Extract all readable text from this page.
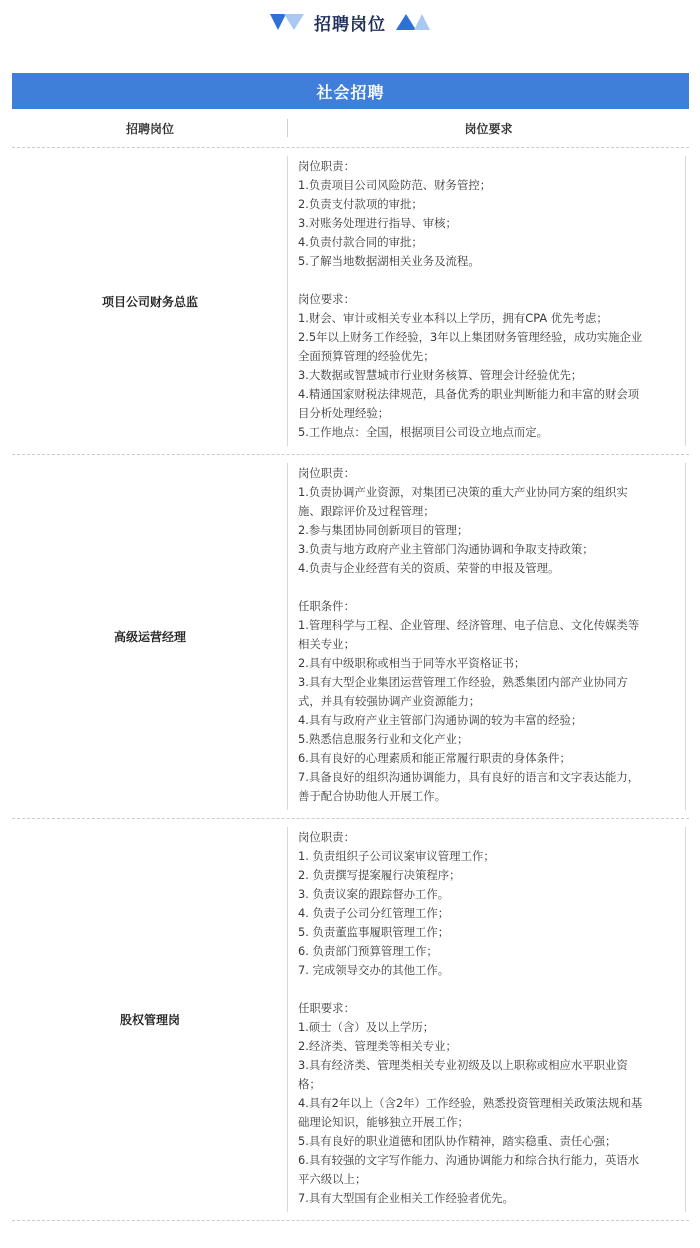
招聘岗位
社会招聘
招聘岗位	岗位要求
项目公司财务总监
岗位职责：
1.负责项目公司风险防范、财务管控；
2.负责支付款项的审批；
3.对账务处理进行指导、审核；
4.负责付款合同的审批；
5.了解当地数据湖相关业务及流程。
岗位要求：
1.财会、审计或相关专业本科以上学历，拥有CPA 优先考虑；
2.5年以上财务工作经验，3年以上集团财务管理经验，成功实施企业
全面预算管理的经验优先；
3.大数据或智慧城市行业财务核算、管理会计经验优先；
4.精通国家财税法律规范，具备优秀的职业判断能力和丰富的财会项
目分析处理经验；
5.工作地点：全国，根据项目公司设立地点而定。
高级运营经理
岗位职责：
1.负责协调产业资源，对集团已决策的重大产业协同方案的组织实
施、跟踪评价及过程管理；
2.参与集团协同创新项目的管理；
3.负责与地方政府产业主管部门沟通协调和争取支持政策；
4.负责与企业经营有关的资质、荣誉的申报及管理。
任职条件：
1.管理科学与工程、企业管理、经济管理、电子信息、文化传媒类等
相关专业；
2.具有中级职称或相当于同等水平资格证书；
3.具有大型企业集团运营管理工作经验，熟悉集团内部产业协同方
式，并具有较强协调产业资源能力；
4.具有与政府产业主管部门沟通协调的较为丰富的经验；
5.熟悉信息服务行业和文化产业；
6.具有良好的心理素质和能正常履行职责的身体条件；
7.具备良好的组织沟通协调能力，具有良好的语言和文字表达能力，
善于配合协助他人开展工作。
股权管理岗
岗位职责：
1. 负责组织子公司议案审议管理工作；
2. 负责撰写提案履行决策程序；
3. 负责议案的跟踪督办工作。
4. 负责子公司分红管理工作；
5. 负责董监事履职管理工作；
6. 负责部门预算管理工作；
7. 完成领导交办的其他工作。
任职要求：
1.硕士（含）及以上学历；
2.经济类、管理类等相关专业；
3.具有经济类、管理类相关专业初级及以上职称或相应水平职业资
格；
4.具有2年以上（含2年）工作经验，熟悉投资管理相关政策法规和基
础理论知识，能够独立开展工作；
5.具有良好的职业道德和团队协作精神，踏实稳重、责任心强；
6.具有较强的文字写作能力、沟通协调能力和综合执行能力，英语水
平六级以上；
7.具有大型国有企业相关工作经验者优先。
